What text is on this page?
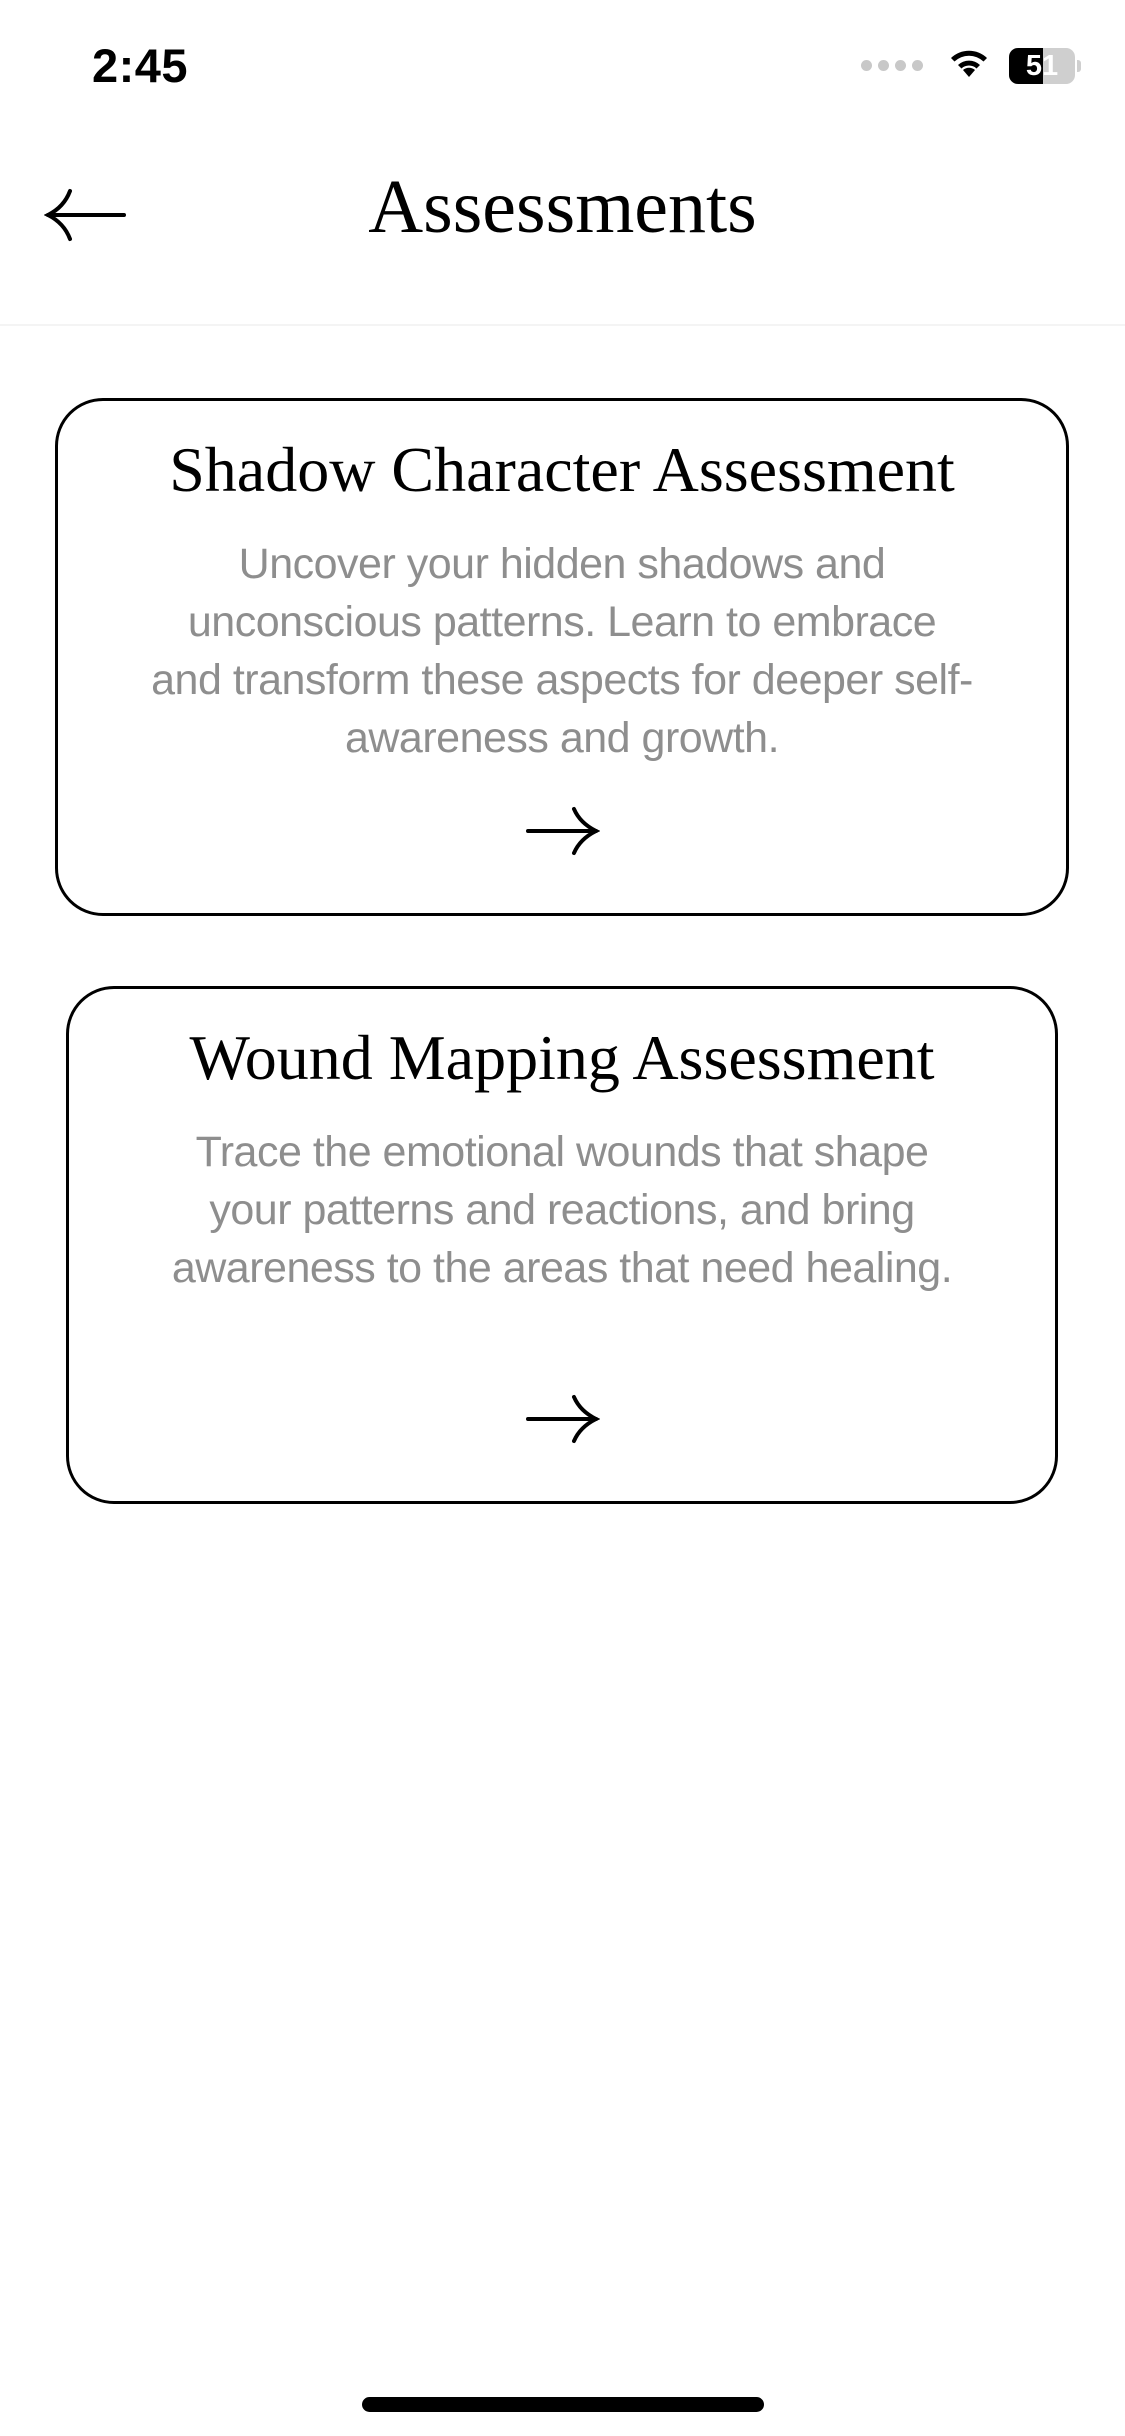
2:45	51
Assessments
Shadow Character Assessment
Uncover your hidden shadows and unconscious patterns. Learn to embrace and transform these aspects for deeper self-awareness and growth.
Wound Mapping Assessment
Trace the emotional wounds that shape your patterns and reactions, and bring awareness to the areas that need healing.
